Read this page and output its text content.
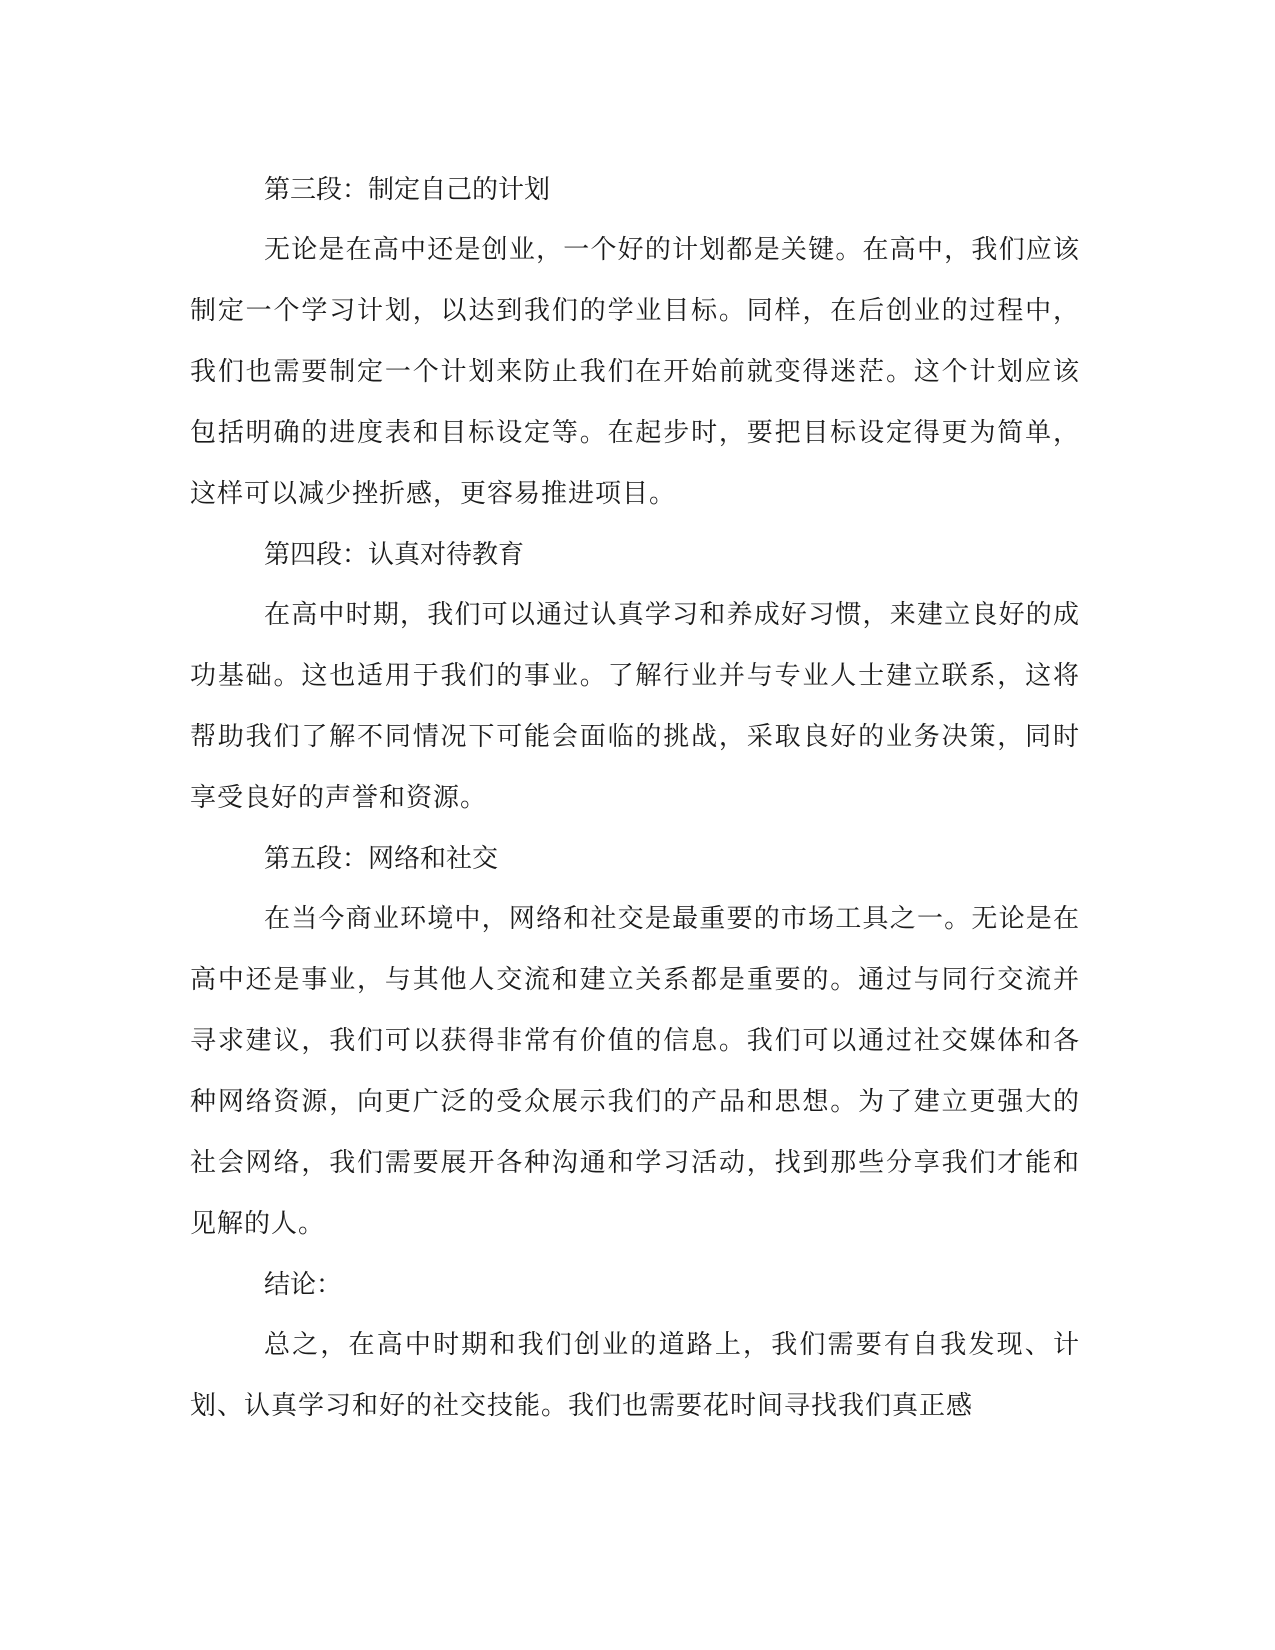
第三段：制定自己的计划

无论是在高中还是创业，一个好的计划都是关键。在高中，我们应该制定一个学习计划，以达到我们的学业目标。同样，在后创业的过程中，我们也需要制定一个计划来防止我们在开始前就变得迷茫。这个计划应该包括明确的进度表和目标设定等。在起步时，要把目标设定得更为简单，这样可以减少挫折感，更容易推进项目。

第四段：认真对待教育

在高中时期，我们可以通过认真学习和养成好习惯，来建立良好的成功基础。这也适用于我们的事业。了解行业并与专业人士建立联系，这将帮助我们了解不同情况下可能会面临的挑战，采取良好的业务决策，同时享受良好的声誉和资源。

第五段：网络和社交

在当今商业环境中，网络和社交是最重要的市场工具之一。无论是在高中还是事业，与其他人交流和建立关系都是重要的。通过与同行交流并寻求建议，我们可以获得非常有价值的信息。我们可以通过社交媒体和各种网络资源，向更广泛的受众展示我们的产品和思想。为了建立更强大的社会网络，我们需要展开各种沟通和学习活动，找到那些分享我们才能和见解的人。

结论：

总之，在高中时期和我们创业的道路上，我们需要有自我发现、计划、认真学习和好的社交技能。我们也需要花时间寻找我们真正感
